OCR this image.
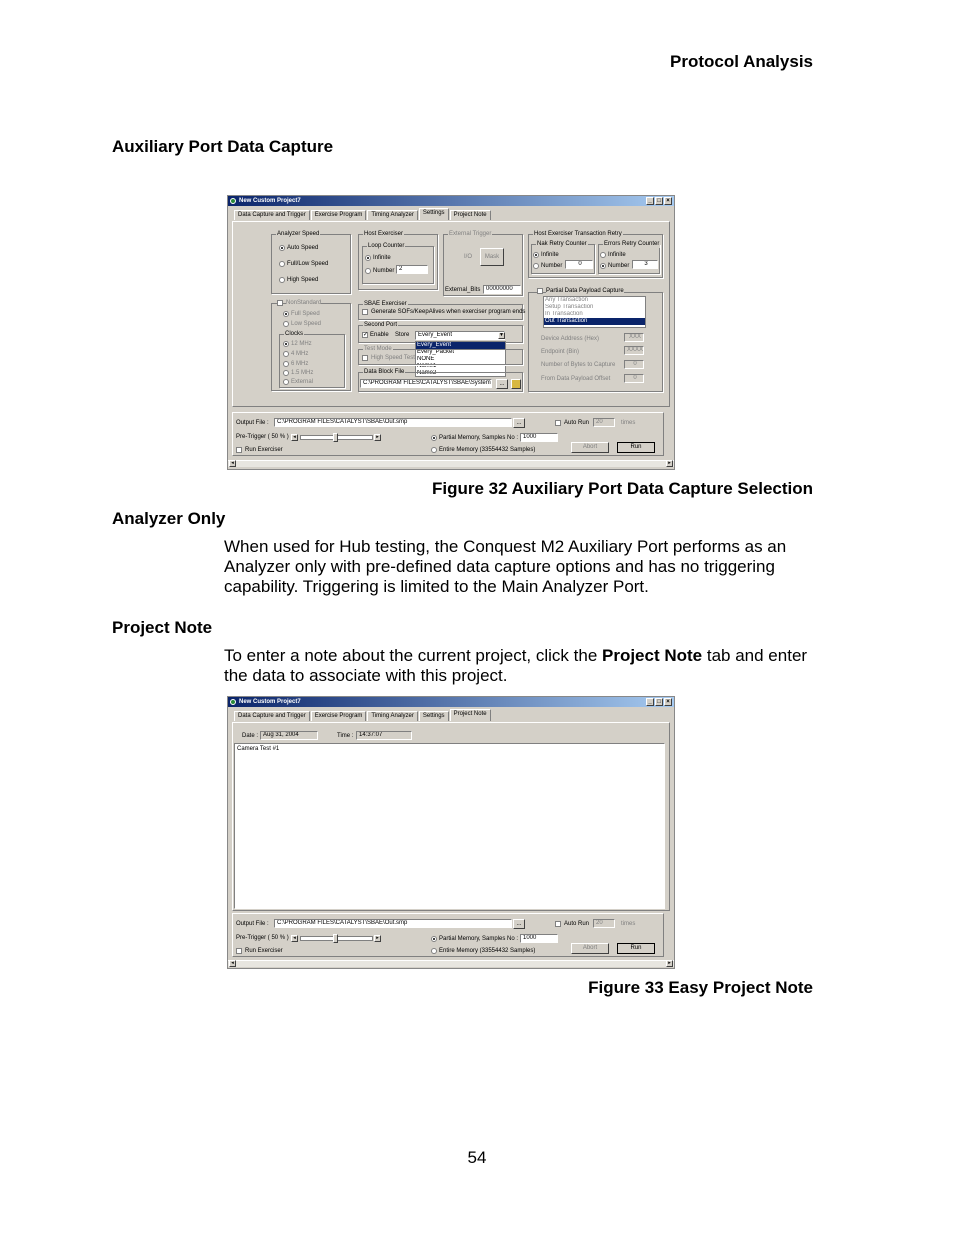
Protocol Analysis
Auxiliary Port Data Capture
New Custom Project7	_ □ ×
Data Capture and Trigger	Exercise Program	Timing Analyzer	Settings	Project Note
Analyzer Speed
Auto Speed
Full/Low Speed
High Speed
NonStandard
Full Speed
Low Speed
Clocks
12 MHz
4 MHz
6 MHz
1.5 MHz
External
Host Exerciser
Loop Counter
Infinite
Number 2
External Trigger
I/O	Mask
External_Bits 00000000
Host Exerciser Transaction Retry
Nak Retry Counter
Infinite
Number	0
Errors Retry Counter
Infinite
Number	3
Partial Data Payload Capture
Any Transaction
Setup Transaction
In Transaction
Out Transaction
Device Address (Hex)	XXX
Endpoint (Bin)	XXXX
Number of Bytes to Capture	0
From Data Payload Offset	0
SBAE Exerciser
Generate SOFs/KeepAlives when exerciser program ends
Second Port
✓ Enable Store	Every_Event	▼
Every_Event
Every_Packet
NONE
Name1
Name2
Test Mode
High Speed Test
Data Block File
C:\PROGRAM FILES\CATALYST\SBAE\System	...
Output File :	C:\PROGRAM FILES\CATALYST\SBAE\Out.smp	...	Auto Run	20	times
Pre-Trigger ( 50 % ) ◂	▸	Partial Memory, Samples No : 1000
Run Exerciser	Entire Memory (33554432 Samples)	Abort	Run
◂	▸
Figure 32 Auxiliary Port Data Capture Selection
Analyzer Only
When used for Hub testing, the Conquest M2 Auxiliary Port performs as an Analyzer only with pre-defined data capture options and has no triggering capability. Triggering is limited to the Main Analyzer Port.
Project Note
To enter a note about the current project, click the Project Note tab and enter the data to associate with this project.
New Custom Project7	_ □ ×
Data Capture and Trigger	Exercise Program	Timing Analyzer	Settings	Project Note
Date : Aug 31, 2004	Time : 14:37:07
Camera Test #1
Output File :	C:\PROGRAM FILES\CATALYST\SBAE\Out.smp	...	Auto Run	20	times
Pre-Trigger ( 50 % ) ◂	▸	Partial Memory, Samples No : 1000
Run Exerciser	Entire Memory (33554432 Samples)	Abort	Run
◂	▸
Figure 33 Easy Project Note
54
